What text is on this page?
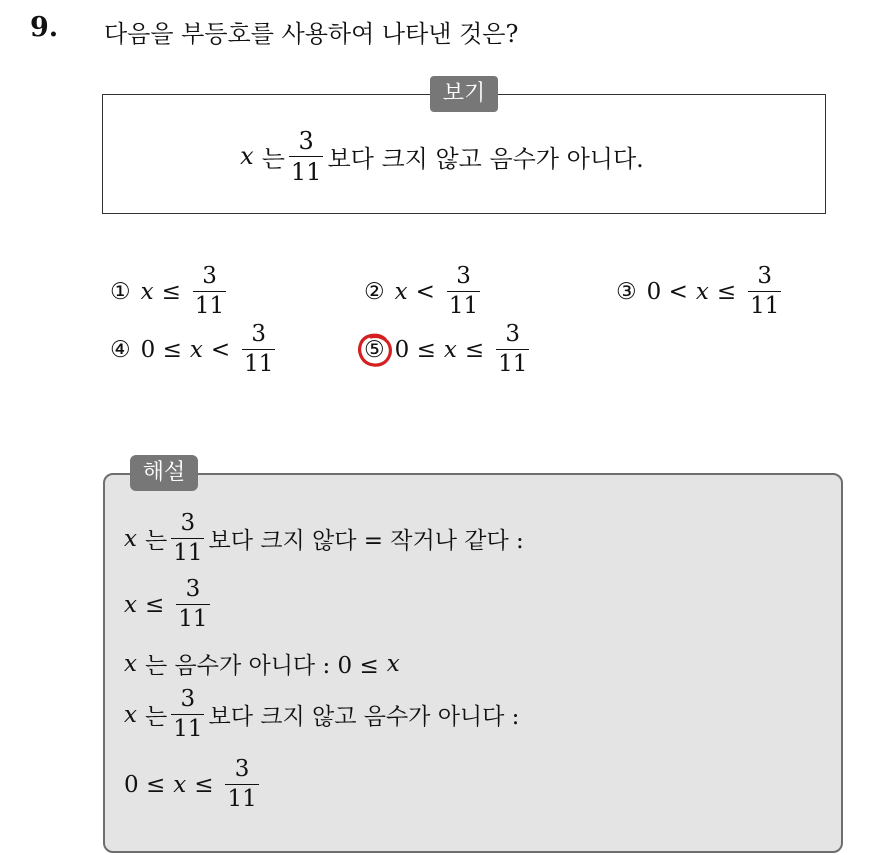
9. 다음을 부등호를 사용하여 나타낸 것은?
보기
x 는 $\frac{3}{11}$ 보다 크지 않고 음수가 아니다.
① $x \le \frac{3}{11}$	② $x < \frac{3}{11}$	③ $0 < x \le \frac{3}{11}$
④ $0 \le x < \frac{3}{11}$	⑤ $0 \le x \le \frac{3}{11}$
해설
x 는 $\frac{3}{11}$ 보다 크지 않다 = 작거나 같다 :
$x \le \frac{3}{11}$
x 는 음수가 아니다 : 0 ≤ x
x 는 $\frac{3}{11}$ 보다 크지 않고 음수가 아니다 :
$0 \le x \le \frac{3}{11}$
